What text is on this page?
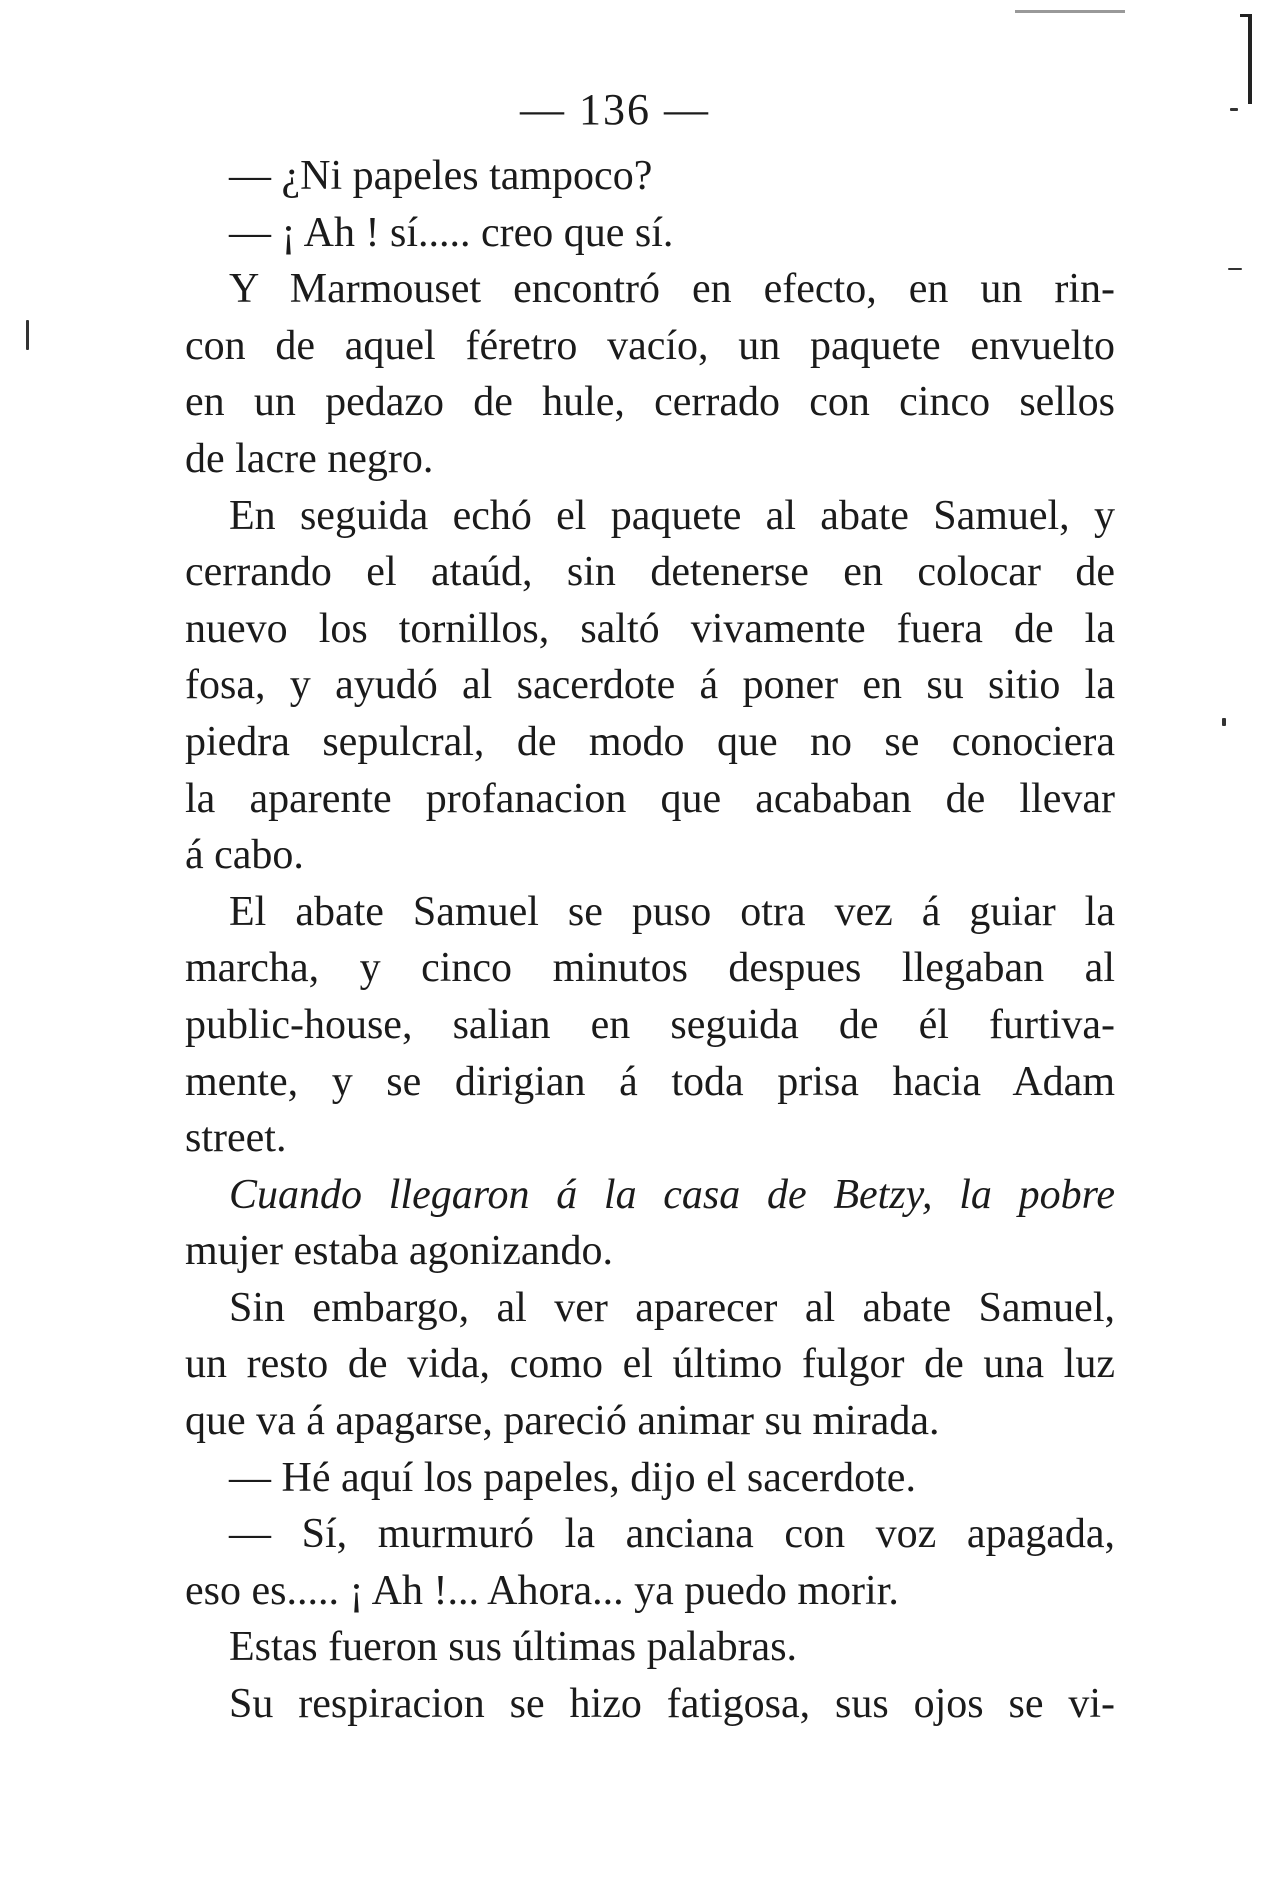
— 136 —
— ¿Ni papeles tampoco?
— ¡ Ah ! sí..... creo que sí.
Y Marmouset encontró en efecto, en un rin-
con de aquel féretro vacío, un paquete envuelto
en un pedazo de hule, cerrado con cinco sellos
de lacre negro.
En seguida echó el paquete al abate Samuel, y
cerrando el ataúd, sin detenerse en colocar de
nuevo los tornillos, saltó vivamente fuera de la
fosa, y ayudó al sacerdote á poner en su sitio la
piedra sepulcral, de modo que no se conociera
la aparente profanacion que acababan de llevar
á cabo.
El abate Samuel se puso otra vez á guiar la
marcha, y cinco minutos despues llegaban al
public-house, salian en seguida de él furtiva-
mente, y se dirigian á toda prisa hacia Adam
street.
Cuando llegaron á la casa de Betzy, la pobre
mujer estaba agonizando.
Sin embargo, al ver aparecer al abate Samuel,
un resto de vida, como el último fulgor de una luz
que va á apagarse, pareció animar su mirada.
— Hé aquí los papeles, dijo el sacerdote.
— Sí, murmuró la anciana con voz apagada,
eso es..... ¡ Ah !... Ahora... ya puedo morir.
Estas fueron sus últimas palabras.
Su respiracion se hizo fatigosa, sus ojos se vi-
